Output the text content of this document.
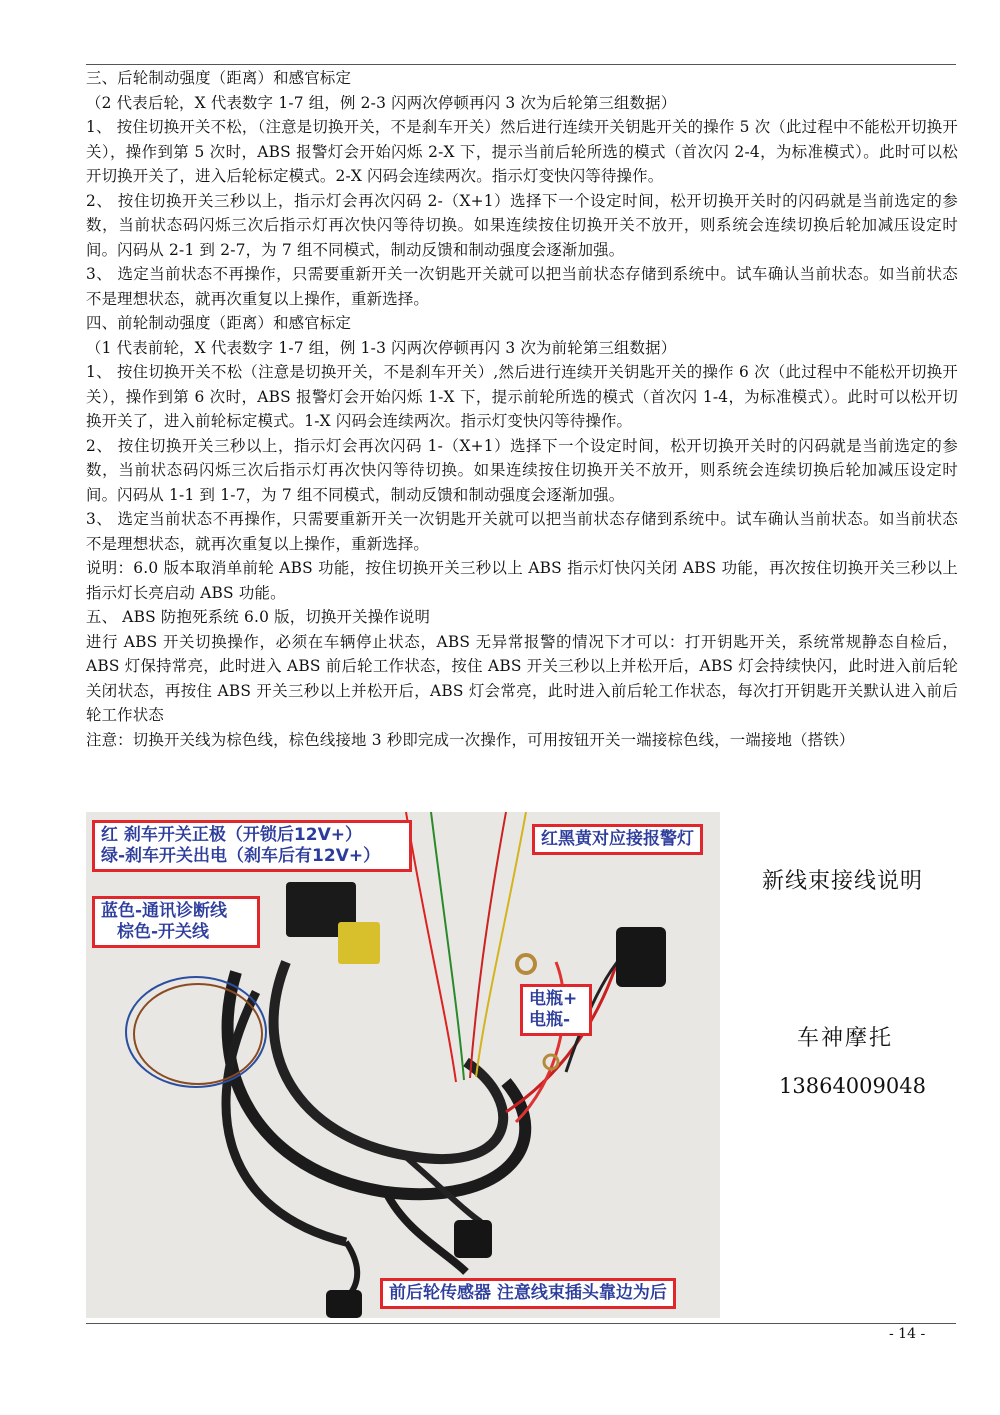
三、后轮制动强度（距离）和感官标定

（2 代表后轮，X 代表数字 1-7 组，例 2-3 闪两次停顿再闪 3 次为后轮第三组数据）

1、 按住切换开关不松，（注意是切换开关，不是刹车开关）然后进行连续开关钥匙开关的操作 5 次（此过程中不能松开切换开关），操作到第 5 次时，ABS 报警灯会开始闪烁 2-X 下，提示当前后轮所选的模式（首次闪 2-4，为标准模式）。此时可以松开切换开关了，进入后轮标定模式。2-X 闪码会连续两次。指示灯变快闪等待操作。

2、 按住切换开关三秒以上，指示灯会再次闪码 2-（X+1）选择下一个设定时间，松开切换开关时的闪码就是当前选定的参数，当前状态码闪烁三次后指示灯再次快闪等待切换。如果连续按住切换开关不放开，则系统会连续切换后轮加减压设定时间。闪码从 2-1 到 2-7，为 7 组不同模式，制动反馈和制动强度会逐渐加强。

3、 选定当前状态不再操作，只需要重新开关一次钥匙开关就可以把当前状态存储到系统中。试车确认当前状态。如当前状态不是理想状态，就再次重复以上操作，重新选择。

四、前轮制动强度（距离）和感官标定

（1 代表前轮，X 代表数字 1-7 组，例 1-3 闪两次停顿再闪 3 次为前轮第三组数据）

1、 按住切换开关不松（注意是切换开关，不是刹车开关）,然后进行连续开关钥匙开关的操作 6 次（此过程中不能松开切换开关），操作到第 6 次时，ABS 报警灯会开始闪烁 1-X 下，提示前轮所选的模式（首次闪 1-4，为标准模式）。此时可以松开切换开关了，进入前轮标定模式。1-X 闪码会连续两次。指示灯变快闪等待操作。

2、 按住切换开关三秒以上，指示灯会再次闪码 1-（X+1）选择下一个设定时间，松开切换开关时的闪码就是当前选定的参数，当前状态码闪烁三次后指示灯再次快闪等待切换。如果连续按住切换开关不放开，则系统会连续切换后轮加减压设定时间。闪码从 1-1 到 1-7，为 7 组不同模式，制动反馈和制动强度会逐渐加强。

3、 选定当前状态不再操作，只需要重新开关一次钥匙开关就可以把当前状态存储到系统中。试车确认当前状态。如当前状态不是理想状态，就再次重复以上操作，重新选择。

说明：6.0 版本取消单前轮 ABS 功能，按住切换开关三秒以上 ABS 指示灯快闪关闭 ABS 功能，再次按住切换开关三秒以上指示灯长亮启动 ABS 功能。

五、 ABS 防抱死系统 6.0 版，切换开关操作说明

进行 ABS 开关切换操作，必须在车辆停止状态，ABS 无异常报警的情况下才可以：打开钥匙开关，系统常规静态自检后，ABS 灯保持常亮，此时进入 ABS 前后轮工作状态，按住 ABS 开关三秒以上并松开后，ABS 灯会持续快闪，此时进入前后轮关闭状态，再按住 ABS 开关三秒以上并松开后，ABS 灯会常亮，此时进入前后轮工作状态，每次打开钥匙开关默认进入前后轮工作状态

注意：切换开关线为棕色线，棕色线接地 3 秒即完成一次操作，可用按钮开关一端接棕色线，一端接地（搭铁）

红 刹车开关正极（开锁后12V+）
绿-刹车开关出电（刹车后有12V+）
红黑黄对应接报警灯
蓝色-通讯诊断线
棕色-开关线
电瓶+
电瓶-
前后轮传感器 注意线束插头靠边为后
新线束接线说明
车神摩托
13864009048
- 14 -
